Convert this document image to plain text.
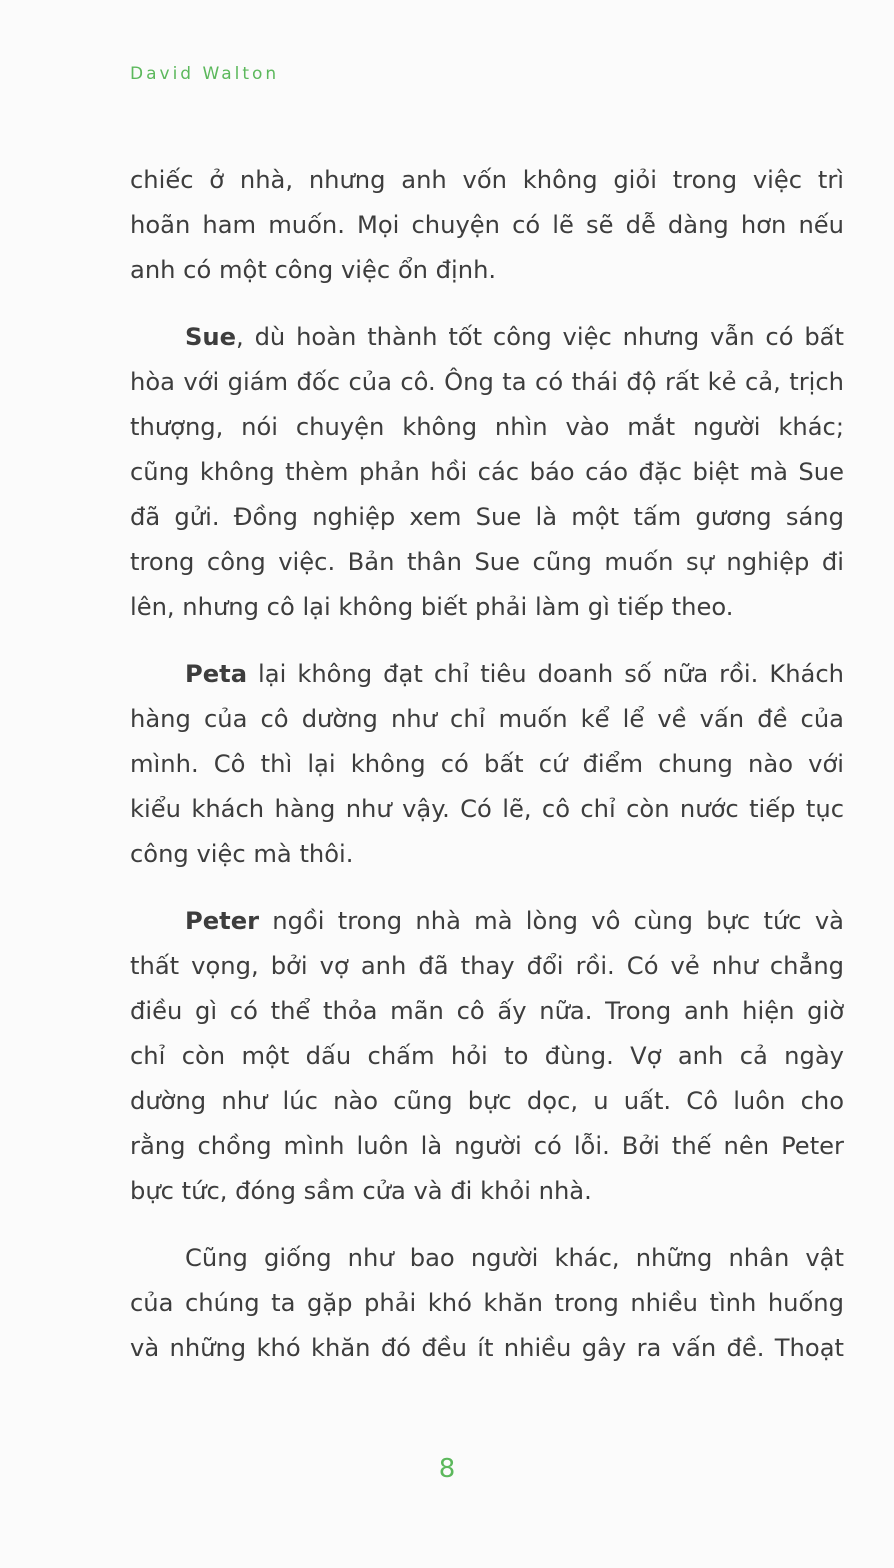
David Walton
chiếc ở nhà, nhưng anh vốn không giỏi trong việc trì
hoãn ham muốn. Mọi chuyện có lẽ sẽ dễ dàng hơn nếu
anh có một công việc ổn định.
Sue, dù hoàn thành tốt công việc nhưng vẫn có bất
hòa với giám đốc của cô. Ông ta có thái độ rất kẻ cả, trịch
thượng, nói chuyện không nhìn vào mắt người khác;
cũng không thèm phản hồi các báo cáo đặc biệt mà Sue
đã gửi. Đồng nghiệp xem Sue là một tấm gương sáng
trong công việc. Bản thân Sue cũng muốn sự nghiệp đi
lên, nhưng cô lại không biết phải làm gì tiếp theo.
Peta lại không đạt chỉ tiêu doanh số nữa rồi. Khách
hàng của cô dường như chỉ muốn kể lể về vấn đề của
mình. Cô thì lại không có bất cứ điểm chung nào với
kiểu khách hàng như vậy. Có lẽ, cô chỉ còn nước tiếp tục
công việc mà thôi.
Peter ngồi trong nhà mà lòng vô cùng bực tức và
thất vọng, bởi vợ anh đã thay đổi rồi. Có vẻ như chẳng
điều gì có thể thỏa mãn cô ấy nữa. Trong anh hiện giờ
chỉ còn một dấu chấm hỏi to đùng. Vợ anh cả ngày
dường như lúc nào cũng bực dọc, u uất. Cô luôn cho
rằng chồng mình luôn là người có lỗi. Bởi thế nên Peter
bực tức, đóng sầm cửa và đi khỏi nhà.
Cũng giống như bao người khác, những nhân vật
của chúng ta gặp phải khó khăn trong nhiều tình huống
và những khó khăn đó đều ít nhiều gây ra vấn đề. Thoạt
8
